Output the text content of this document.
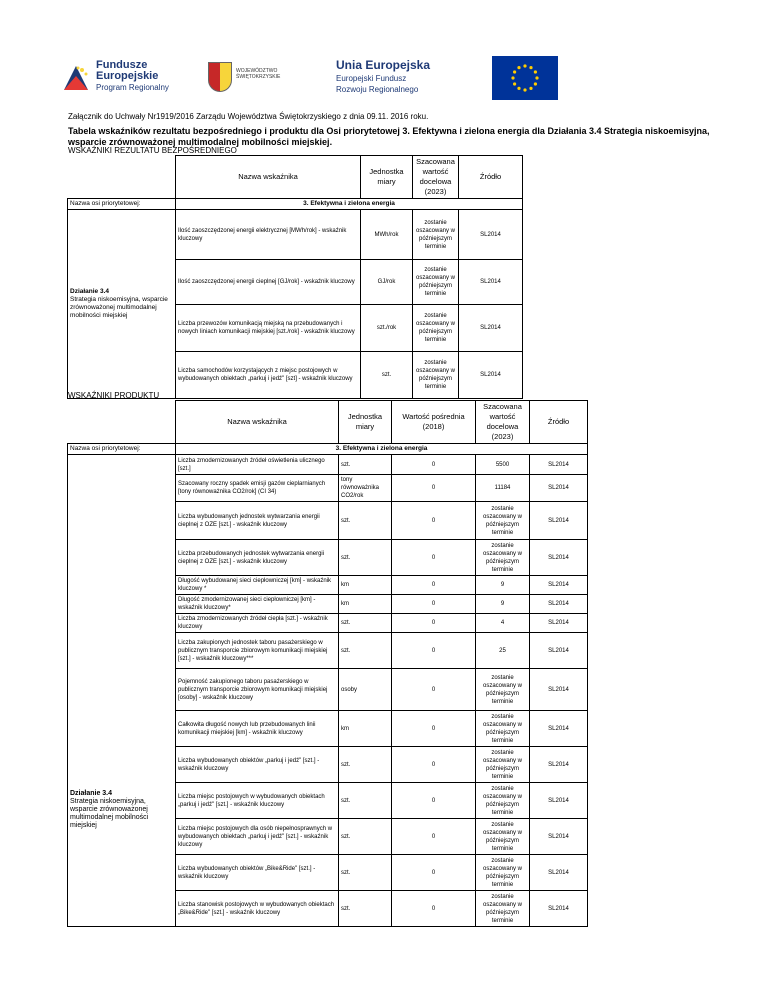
Fundusze
Europejskie
Program Regionalny
WOJEWÓDZTWO
ŚWIĘTOKRZYSKIE
Unia Europejska
Europejski Fundusz
Rozwoju Regionalnego
Załącznik do Uchwały Nr1919/2016 Zarządu Województwa Świętokrzyskiego z dnia 09.11. 2016 roku.
Tabela wskaźników rezultatu bezpośredniego i produktu dla Osi priorytetowej 3. Efektywna i zielona energia dla Działania 3.4 Strategia niskoemisyjna, wsparcie zrównoważonej multimodalnej mobilności miejskiej.
WSKAŹNIKI REZULTATU BEZPOŚREDNIEGO
	Nazwa wskaźnika	Jednostka miary	Szacowana wartość docelowa (2023)	Źródło
Nazwa osi priorytetowej:	3. Efektywna i zielona energia			

Działanie 3.4
Strategia niskoemisyjna, wsparcie zrównoważonej multimodalnej mobilności miejskiej	Ilość zaoszczędzonej energii elektrycznej [MWh/rok] - wskaźnik kluczowy	MWh/rok	zostanie oszacowany w późniejszym terminie	SL2014
	Ilość zaoszczędzonej energii cieplnej [GJ/rok] - wskaźnik kluczowy	GJ/rok	zostanie oszacowany w późniejszym terminie	SL2014
	Liczba przewozów komunikacją miejską na przebudowanych i nowych liniach komunikacji miejskiej [szt./rok] - wskaźnik kluczowy	szt./rok	zostanie oszacowany w późniejszym terminie	SL2014
	Liczba samochodów korzystających z miejsc postojowych w wybudowanych obiektach „parkuj i jedź" [szt] - wskaźnik kluczowy	szt.	zostanie oszacowany w późniejszym terminie	SL2014
WSKAŹNIKI PRODUKTU
	Nazwa wskaźnika	Jednostka miary	Wartość pośrednia (2018)	Szacowana wartość docelowa (2023)	Źródło
Nazwa osi priorytetowej:	3. Efektywna i zielona energia				

Działanie 3.4
Strategia niskoemisyjna, wsparcie zrównoważonej multimodalnej mobilności miejskiej	Liczba zmodernizowanych źródeł oświetlenia ulicznego [szt.]	szt.	0	5500	SL2014
	Szacowany roczny spadek emisji gazów cieplarnianych [tony równoważnika CO2/rok] (CI 34)	tony równoważnika CO2/rok	0	11184	SL2014
	Liczba wybudowanych jednostek wytwarzania energii cieplnej z OZE [szt.] - wskaźnik kluczowy	szt.	0	zostanie oszacowany w późniejszym terminie	SL2014
	Liczba przebudowanych jednostek wytwarzania energii cieplnej z OZE [szt.] - wskaźnik kluczowy	szt.	0	zostanie oszacowany w późniejszym terminie	SL2014
	Długość wybudowanej sieci ciepłowniczej [km] - wskaźnik kluczowy *	km	0	9	SL2014
	Długość zmodernizowanej sieci ciepłowniczej [km] - wskaźnik kluczowy*	km	0	9	SL2014
	Liczba zmodernizowanych źródeł ciepła [szt.] - wskaźnik kluczowy	szt.	0	4	SL2014
	Liczba zakupionych jednostek taboru pasażerskiego w publicznym transporcie zbiorowym komunikacji miejskiej [szt.] - wskaźnik kluczowy***	szt.	0	25	SL2014
	Pojemność zakupionego taboru pasażerskiego w publicznym transporcie zbiorowym komunikacji miejskiej [osoby] - wskaźnik kluczowy	osoby	0	zostanie oszacowany w późniejszym terminie	SL2014
	Całkowita długość nowych lub przebudowanych linii komunikacji miejskiej [km] - wskaźnik kluczowy	km	0	zostanie oszacowany w późniejszym terminie	SL2014
	Liczba wybudowanych obiektów „parkuj i jedź" [szt.] - wskaźnik kluczowy	szt.	0	zostanie oszacowany w późniejszym terminie	SL2014
	Liczba miejsc postojowych w wybudowanych obiektach „parkuj i jedź" [szt.] - wskaźnik kluczowy	szt.	0	zostanie oszacowany w późniejszym terminie	SL2014
	Liczba miejsc postojowych dla osób niepełnosprawnych w wybudowanych obiektach „parkuj i jedź" [szt.] - wskaźnik kluczowy	szt.	0	zostanie oszacowany w późniejszym terminie	SL2014
	Liczba wybudowanych obiektów „Bike&Ride" [szt.] - wskaźnik kluczowy	szt.	0	zostanie oszacowany w późniejszym terminie	SL2014
	Liczba stanowisk postojowych w wybudowanych obiektach „Bike&Ride" [szt.] - wskaźnik kluczowy	szt.	0	zostanie oszacowany w późniejszym terminie	SL2014
